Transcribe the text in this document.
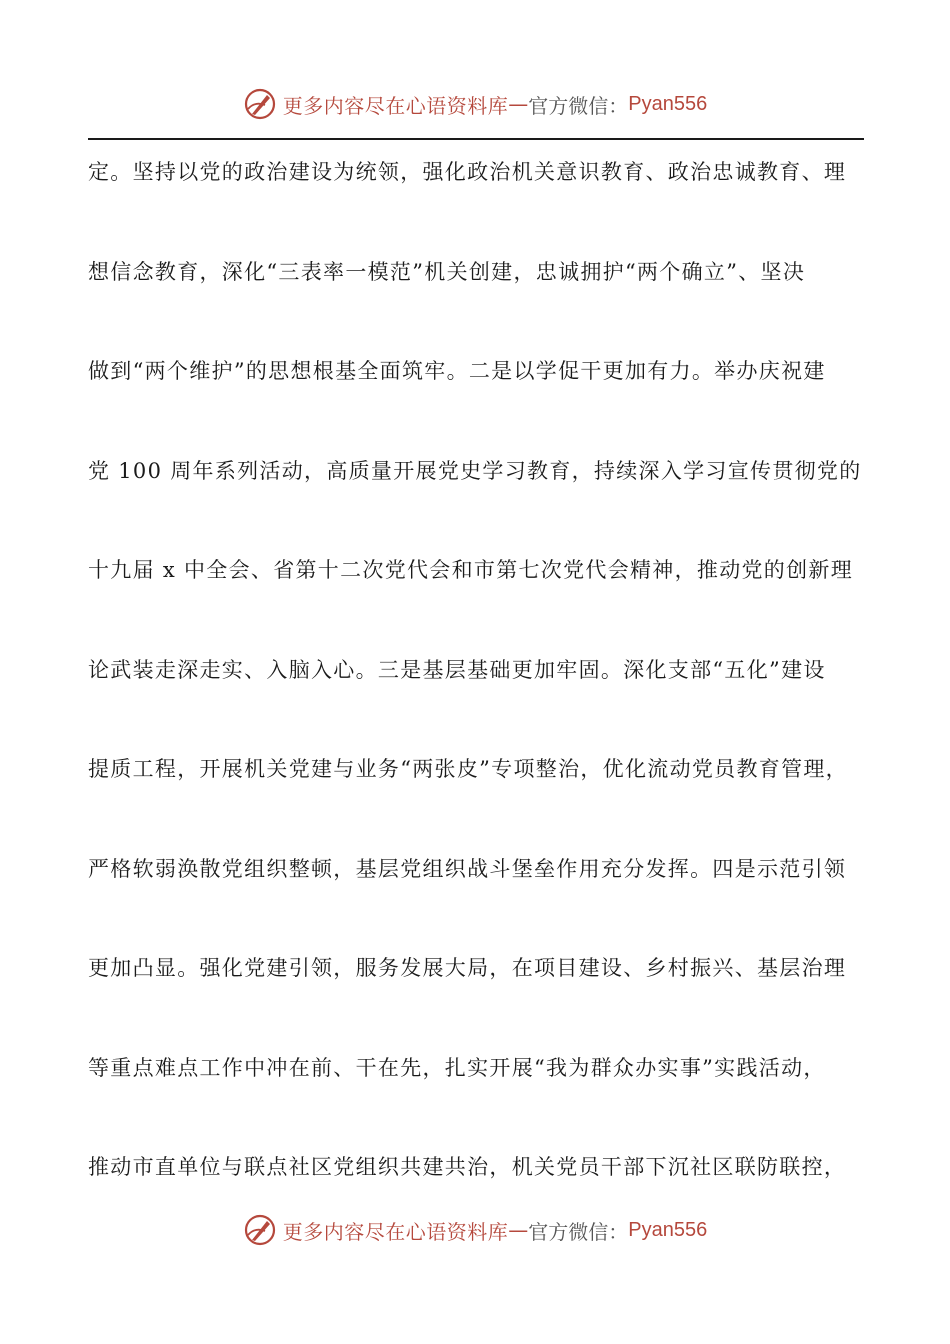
更多内容尽在心语资料库 — 官方微信： Pyan556
定。坚持以党的政治建设为统领，强化政治机关意识教育、政治忠诚教育、理
想信念教育，深化“三表率一模范”机关创建，忠诚拥护“两个确立”、坚决
做到“两个维护”的思想根基全面筑牢。二是以学促干更加有力。举办庆祝建
党 100 周年系列活动，高质量开展党史学习教育，持续深入学习宣传贯彻党的
十九届 x 中全会、省第十二次党代会和市第七次党代会精神，推动党的创新理
论武装走深走实、入脑入心。三是基层基础更加牢固。深化支部“五化”建设
提质工程，开展机关党建与业务“两张皮”专项整治，优化流动党员教育管理，
严格软弱涣散党组织整顿，基层党组织战斗堡垒作用充分发挥。四是示范引领
更加凸显。强化党建引领，服务发展大局，在项目建设、乡村振兴、基层治理
等重点难点工作中冲在前、干在先，扎实开展“我为群众办实事”实践活动，
推动市直单位与联点社区党组织共建共治，机关党员干部下沉社区联防联控，
更多内容尽在心语资料库 — 官方微信： Pyan556
